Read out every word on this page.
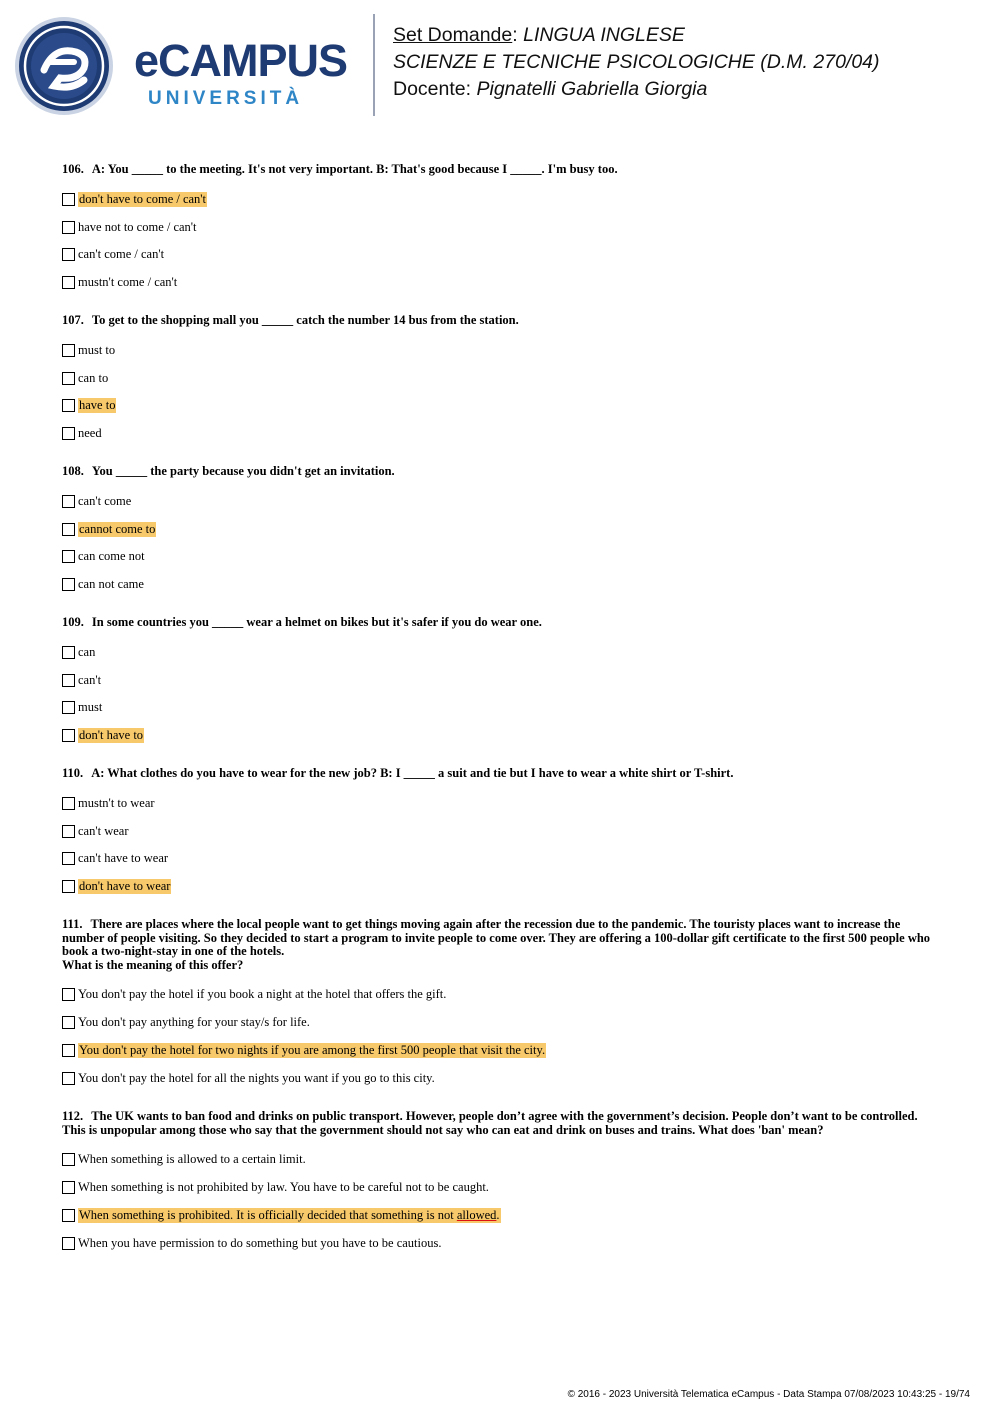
eCAMPUS
UNIVERSITÀ
Set Domande: LINGUA INGLESE
SCIENZE E TECNICHE PSICOLOGICHE (D.M. 270/04)
Docente: Pignatelli Gabriella Giorgia
106. A: You _____ to the meeting. It's not very important. B: That's good because I _____. I'm busy too.
don't have to come / can't
have not to come / can't
can't come / can't
mustn't come / can't
107. To get to the shopping mall you _____ catch the number 14 bus from the station.
must to
can to
have to
need
108. You _____ the party because you didn't get an invitation.
can't come
cannot come to
can come not
can not came
109. In some countries you _____ wear a helmet on bikes but it's safer if you do wear one.
can
can't
must
don't have to
110. A: What clothes do you have to wear for the new job? B: I _____ a suit and tie but I have to wear a white shirt or T-shirt.
mustn't to wear
can't wear
can't have to wear
don't have to wear
111. There are places where the local people want to get things moving again after the recession due to the pandemic. The touristy places want to increase the number of people visiting. So they decided to start a program to invite people to come over. They are offering a 100-dollar gift certificate to the first 500 people who book a two-night-stay in one of the hotels.
What is the meaning of this offer?
You don't pay the hotel if you book a night at the hotel that offers the gift.
You don't pay anything for your stay/s for life.
You don't pay the hotel for two nights if you are among the first 500 people that visit the city.
You don't pay the hotel for all the nights you want if you go to this city.
112. The UK wants to ban food and drinks on public transport. However, people don’t agree with the government’s decision. People don’t want to be controlled. This is unpopular among those who say that the government should not say who can eat and drink on buses and trains. What does 'ban' mean?
When something is allowed to a certain limit.
When something is not prohibited by law. You have to be careful not to be caught.
When something is prohibited. It is officially decided that something is not allowed.
When you have permission to do something but you have to be cautious.
© 2016 - 2023 Università Telematica eCampus - Data Stampa 07/08/2023 10:43:25 - 19/74
